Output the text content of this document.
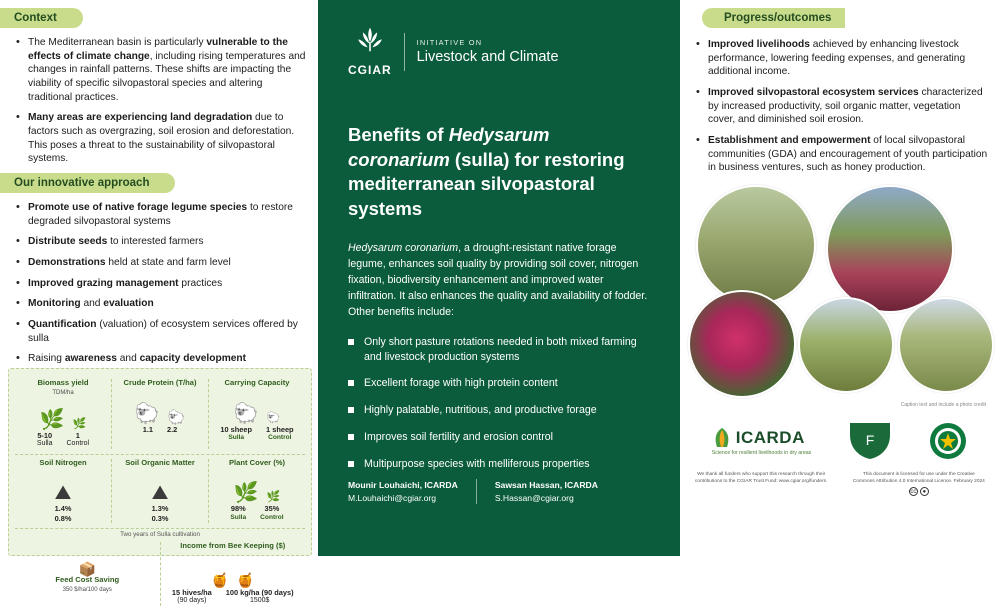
Context
• The Mediterranean basin is particularly vulnerable to the effects of climate change, including rising temperatures and changes in rainfall patterns. These shifts are impacting the viability of specific silvopastoral species and altering traditional practices.
• Many areas are experiencing land degradation due to factors such as overgrazing, soil erosion and deforestation. This poses a threat to the sustainability of silvopastoral systems.
Our innovative approach
• Promote use of native forage legume species to restore degraded silvopastoral systems
• Distribute seeds to interested farmers
• Demonstrations held at state and farm level
• Improved grazing management practices
• Monitoring and evaluation
• Quantification (valuation) of ecosystem services offered by sulla
• Raising awareness and capacity development
Biomass yield
TDM/ha
🌿 🌿
5-10
Sulla
1
Control
Crude Protein (T/ha)
🐑 🐑
1.1 2.2
Carrying Capacity
🐑 🐑
10 sheep
Sulla
1 sheep
Control
Soil Nitrogen
⛰
1.4%
0.8%
Soil Organic Matter
⛰
1.3%
0.3%
Plant Cover (%)
🌿 🌿
98%
Sulla
35%
Control
Two years of Sulla cultivation
📦
Feed Cost Saving
350 $/ha/100 days
Income from Bee Keeping ($)
🍯 🍯
15 hives/ha
(90 days)
100 kg/ha (90 days)
1500$
CGIAR
INITIATIVE ON
Livestock and Climate
Benefits of Hedysarum coronarium (sulla) for restoring mediterranean silvopastoral systems

Hedysarum coronarium, a drought-resistant native forage legume, enhances soil quality by providing soil cover, nitrogen fixation, biodiversity enhancement and improved water infiltration. It also enhances the quality and availability of fodder. Other benefits include:

Only short pasture rotations needed in both mixed farming and livestock production systems
Excellent forage with high protein content
Highly palatable, nutritious, and productive forage
Improves soil fertility and erosion control
Multipurpose species with melliferous properties
Mounir Louhaichi, ICARDA
M.Louhaichi@cgiar.org
Sawsan Hassan, ICARDA
S.Hassan@cgiar.org
Progress/outcomes
• Improved livelihoods achieved by enhancing livestock performance, lowering feeding expenses, and generating additional income.
• Improved silvopastoral ecosystem services characterized by increased productivity, soil organic matter, vegetation cover, and diminished soil erosion.
• Establishment and empowerment of local silvopastoral communities (GDA) and encouragement of youth participation in business ventures, such as honey production.
Caption text and include a photo credit
ICARDA
Science for resilient livelihoods in dry areas
F
We thank all funders who support this research through their contributions to the CGIAR Trust Fund: www.cgiar.org/funders.
This document is licensed for use under the Creative Commons Attribution 4.0 International Licence. February 2024
cc	●
